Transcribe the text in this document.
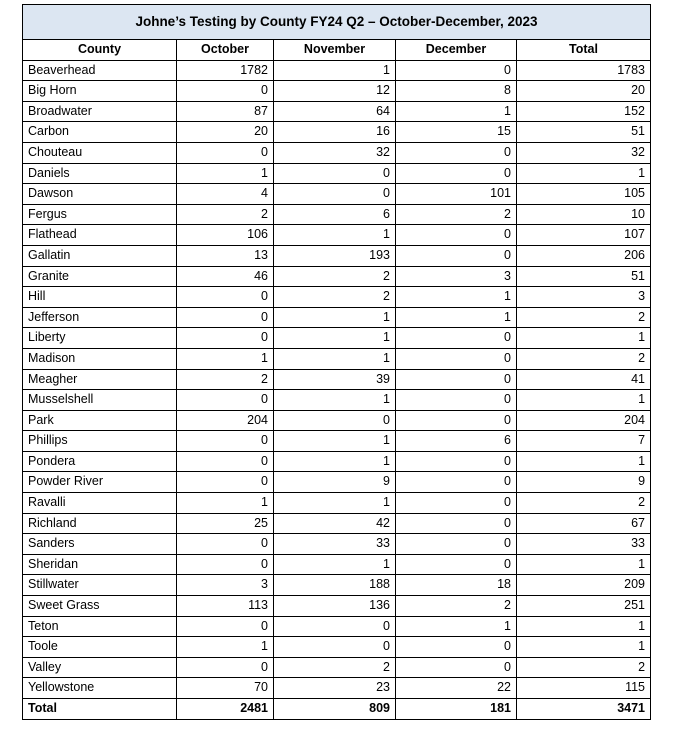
Johne’s Testing by County FY24 Q2 – October-December, 2023				
County	October	November	December	Total
Beaverhead	1782	1	0	1783
Big Horn	0	12	8	20
Broadwater	87	64	1	152
Carbon	20	16	15	51
Chouteau	0	32	0	32
Daniels	1	0	0	1
Dawson	4	0	101	105
Fergus	2	6	2	10
Flathead	106	1	0	107
Gallatin	13	193	0	206
Granite	46	2	3	51
Hill	0	2	1	3
Jefferson	0	1	1	2
Liberty	0	1	0	1
Madison	1	1	0	2
Meagher	2	39	0	41
Musselshell	0	1	0	1
Park	204	0	0	204
Phillips	0	1	6	7
Pondera	0	1	0	1
Powder River	0	9	0	9
Ravalli	1	1	0	2
Richland	25	42	0	67
Sanders	0	33	0	33
Sheridan	0	1	0	1
Stillwater	3	188	18	209
Sweet Grass	113	136	2	251
Teton	0	0	1	1
Toole	1	0	0	1
Valley	0	2	0	2
Yellowstone	70	23	22	115
Total	2481	809	181	3471
